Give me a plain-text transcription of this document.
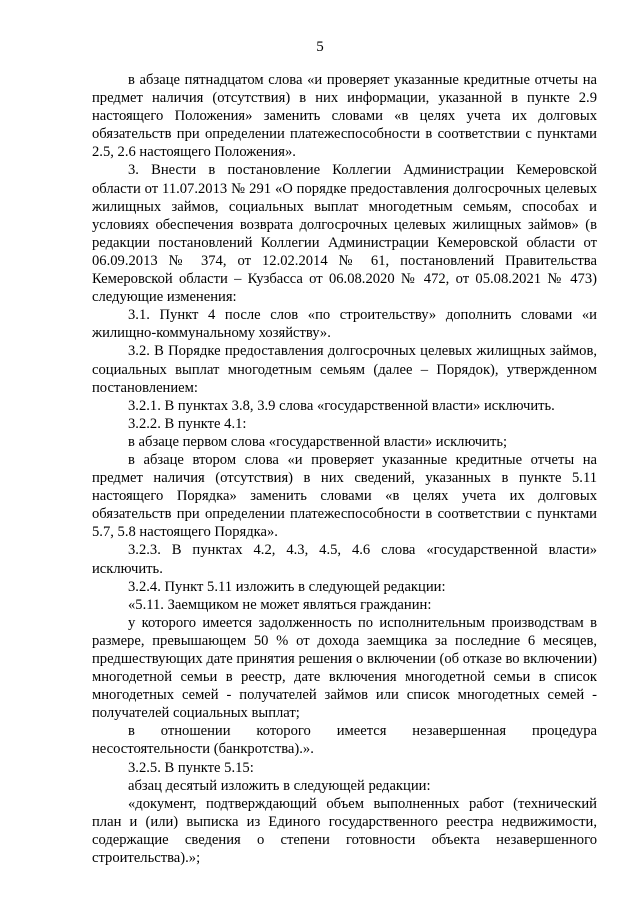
5

в абзаце пятнадцатом слова «и проверяет указанные кредитные отчеты на предмет наличия (отсутствия) в них информации, указанной в пункте 2.9 настоящего Положения» заменить словами «в целях учета их долговых обязательств при определении платежеспособности в соответствии с пунктами 2.5, 2.6 настоящего Положения».

3. Внести в постановление Коллегии Администрации Кемеровской области от 11.07.2013 № 291 «О порядке предоставления долгосрочных целевых жилищных займов, социальных выплат многодетным семьям, способах и условиях обеспечения возврата долгосрочных целевых жилищных займов» (в редакции постановлений Коллегии Администрации Кемеровской области от 06.09.2013 № 374, от 12.02.2014 № 61, постановлений Правительства Кемеровской области – Кузбасса от 06.08.2020 № 472, от 05.08.2021 № 473) следующие изменения:

3.1. Пункт 4 после слов «по строительству» дополнить словами «и жилищно-коммунальному хозяйству».

3.2. В Порядке предоставления долгосрочных целевых жилищных займов, социальных выплат многодетным семьям (далее – Порядок), утвержденном постановлением:

3.2.1. В пунктах 3.8, 3.9 слова «государственной власти» исключить.

3.2.2. В пункте 4.1:

в абзаце первом слова «государственной власти» исключить;

в абзаце втором слова «и проверяет указанные кредитные отчеты на предмет наличия (отсутствия) в них сведений, указанных в пункте 5.11 настоящего Порядка» заменить словами «в целях учета их долговых обязательств при определении платежеспособности в соответствии с пунктами 5.7, 5.8 настоящего Порядка».

3.2.3. В пунктах 4.2, 4.3, 4.5, 4.6 слова «государственной власти» исключить.

3.2.4. Пункт 5.11 изложить в следующей редакции:

«5.11. Заемщиком не может являться гражданин:

у которого имеется задолженность по исполнительным производствам в размере, превышающем 50 % от дохода заемщика за последние 6 месяцев, предшествующих дате принятия решения о включении (об отказе во включении) многодетной семьи в реестр, дате включения многодетной семьи в список многодетных семей - получателей займов или список многодетных семей - получателей социальных выплат;

в отношении которого имеется незавершенная процедура несостоятельности (банкротства).».

3.2.5. В пункте 5.15:

абзац десятый изложить в следующей редакции:

«документ, подтверждающий объем выполненных работ (технический план и (или) выписка из Единого государственного реестра недвижимости, содержащие сведения о степени готовности объекта незавершенного строительства).»;
